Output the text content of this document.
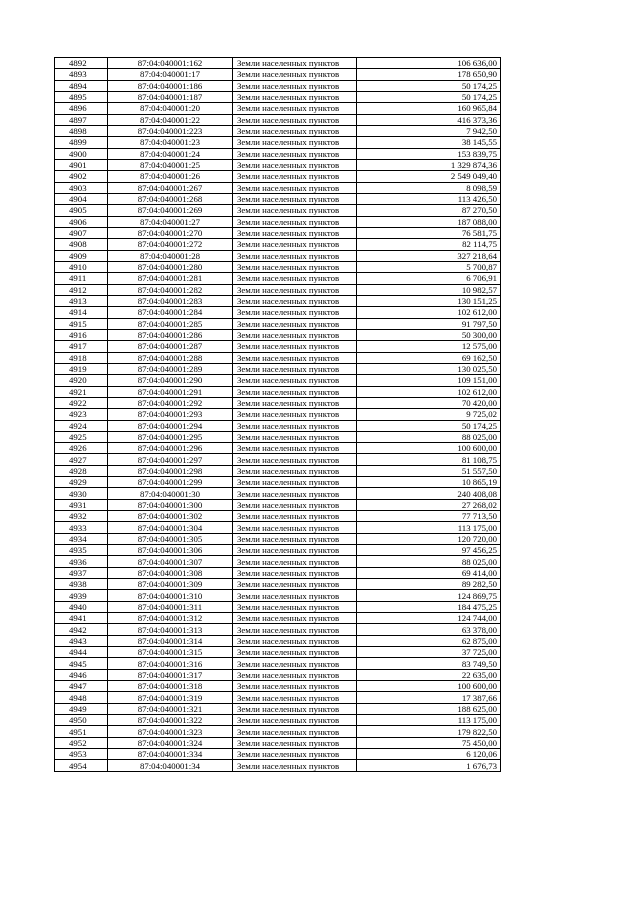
4892	87:04:040001:162	Земли населенных пунктов	106 636,00
4893	87:04:040001:17	Земли населенных пунктов	178 650,90
4894	87:04:040001:186	Земли населенных пунктов	50 174,25
4895	87:04:040001:187	Земли населенных пунктов	50 174,25
4896	87:04:040001:20	Земли населенных пунктов	160 965,84
4897	87:04:040001:22	Земли населенных пунктов	416 373,36
4898	87:04:040001:223	Земли населенных пунктов	7 942,50
4899	87:04:040001:23	Земли населенных пунктов	38 145,55
4900	87:04:040001:24	Земли населенных пунктов	153 839,75
4901	87:04:040001:25	Земли населенных пунктов	1 329 874,36
4902	87:04:040001:26	Земли населенных пунктов	2 549 049,40
4903	87:04:040001:267	Земли населенных пунктов	8 098,59
4904	87:04:040001:268	Земли населенных пунктов	113 426,50
4905	87:04:040001:269	Земли населенных пунктов	87 270,50
4906	87:04:040001:27	Земли населенных пунктов	187 088,00
4907	87:04:040001:270	Земли населенных пунктов	76 581,75
4908	87:04:040001:272	Земли населенных пунктов	82 114,75
4909	87:04:040001:28	Земли населенных пунктов	327 218,64
4910	87:04:040001:280	Земли населенных пунктов	5 700,87
4911	87:04:040001:281	Земли населенных пунктов	6 706,91
4912	87:04:040001:282	Земли населенных пунктов	10 982,57
4913	87:04:040001:283	Земли населенных пунктов	130 151,25
4914	87:04:040001:284	Земли населенных пунктов	102 612,00
4915	87:04:040001:285	Земли населенных пунктов	91 797,50
4916	87:04:040001:286	Земли населенных пунктов	50 300,00
4917	87:04:040001:287	Земли населенных пунктов	12 575,00
4918	87:04:040001:288	Земли населенных пунктов	69 162,50
4919	87:04:040001:289	Земли населенных пунктов	130 025,50
4920	87:04:040001:290	Земли населенных пунктов	109 151,00
4921	87:04:040001:291	Земли населенных пунктов	102 612,00
4922	87:04:040001:292	Земли населенных пунктов	70 420,00
4923	87:04:040001:293	Земли населенных пунктов	9 725,02
4924	87:04:040001:294	Земли населенных пунктов	50 174,25
4925	87:04:040001:295	Земли населенных пунктов	88 025,00
4926	87:04:040001:296	Земли населенных пунктов	100 600,00
4927	87:04:040001:297	Земли населенных пунктов	81 108,75
4928	87:04:040001:298	Земли населенных пунктов	51 557,50
4929	87:04:040001:299	Земли населенных пунктов	10 865,19
4930	87:04:040001:30	Земли населенных пунктов	240 408,08
4931	87:04:040001:300	Земли населенных пунктов	27 268,02
4932	87:04:040001:302	Земли населенных пунктов	77 713,50
4933	87:04:040001:304	Земли населенных пунктов	113 175,00
4934	87:04:040001:305	Земли населенных пунктов	120 720,00
4935	87:04:040001:306	Земли населенных пунктов	97 456,25
4936	87:04:040001:307	Земли населенных пунктов	88 025,00
4937	87:04:040001:308	Земли населенных пунктов	69 414,00
4938	87:04:040001:309	Земли населенных пунктов	89 282,50
4939	87:04:040001:310	Земли населенных пунктов	124 869,75
4940	87:04:040001:311	Земли населенных пунктов	184 475,25
4941	87:04:040001:312	Земли населенных пунктов	124 744,00
4942	87:04:040001:313	Земли населенных пунктов	63 378,00
4943	87:04:040001:314	Земли населенных пунктов	62 875,00
4944	87:04:040001:315	Земли населенных пунктов	37 725,00
4945	87:04:040001:316	Земли населенных пунктов	83 749,50
4946	87:04:040001:317	Земли населенных пунктов	22 635,00
4947	87:04:040001:318	Земли населенных пунктов	100 600,00
4948	87:04:040001:319	Земли населенных пунктов	17 387,66
4949	87:04:040001:321	Земли населенных пунктов	188 625,00
4950	87:04:040001:322	Земли населенных пунктов	113 175,00
4951	87:04:040001:323	Земли населенных пунктов	179 822,50
4952	87:04:040001:324	Земли населенных пунктов	75 450,00
4953	87:04:040001:334	Земли населенных пунктов	6 120,06
4954	87:04:040001:34	Земли населенных пунктов	1 676,73
